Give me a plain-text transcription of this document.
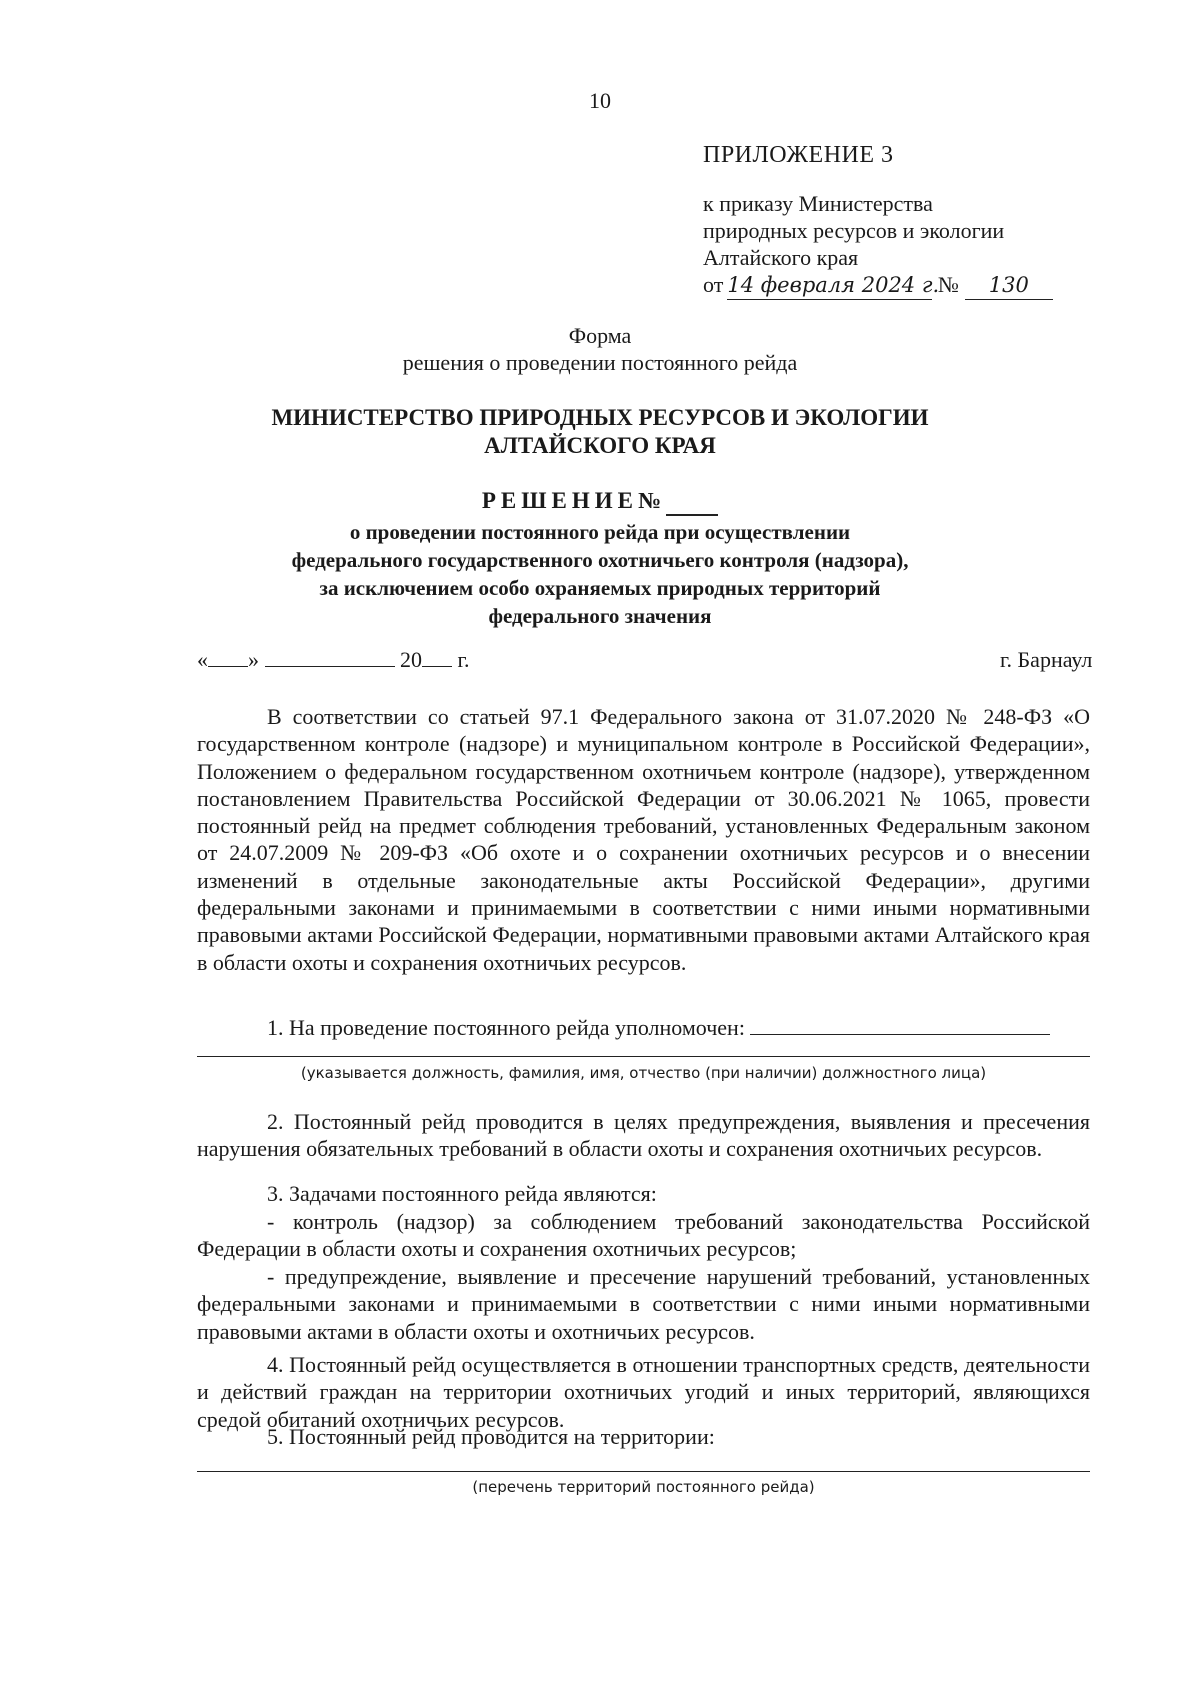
10
ПРИЛОЖЕНИЕ 3
к приказу Министерства
природных ресурсов и экологии
Алтайского края
от 14 февраля 2024 г. № 130
Форма
решения о проведении постоянного рейда
МИНИСТЕРСТВО ПРИРОДНЫХ РЕСУРСОВ И ЭКОЛОГИИ
АЛТАЙСКОГО КРАЯ
РЕШЕНИЕ№
о проведении постоянного рейда при осуществлении
федерального государственного охотничьего контроля (надзора),
за исключением особо охраняемых природных территорий
федерального значения
« »	20 г.	г. Барнаул
В соответствии со статьей 97.1 Федерального закона от 31.07.2020 № 248-ФЗ «О государственном контроле (надзоре) и муниципальном контроле в Российской Федерации», Положением о федеральном государственном охотничьем контроле (надзоре), утвержденном постановлением Правительства Российской Федерации от 30.06.2021 № 1065, провести постоянный рейд на предмет соблюдения требований, установленных Федеральным законом от 24.07.2009 № 209-ФЗ «Об охоте и о сохранении охотничьих ресурсов и о внесении изменений в отдельные законодательные акты Российской Федерации», другими федеральными законами и принимаемыми в соответствии с ними иными нормативными правовыми актами Российской Федерации, нормативными правовыми актами Алтайского края в области охоты и сохранения охотничьих ресурсов.
1. На проведение постоянного рейда уполномочен:
(указывается должность, фамилия, имя, отчество (при наличии) должностного лица)
2. Постоянный рейд проводится в целях предупреждения, выявления и пресечения нарушения обязательных требований в области охоты и сохранения охотничьих ресурсов.
3. Задачами постоянного рейда являются:
- контроль (надзор) за соблюдением требований законодательства Российской Федерации в области охоты и сохранения охотничьих ресурсов;
- предупреждение, выявление и пресечение нарушений требований, установленных федеральными законами и принимаемыми в соответствии с ними иными нормативными правовыми актами в области охоты и охотничьих ресурсов.
4. Постоянный рейд осуществляется в отношении транспортных средств, деятельности и действий граждан на территории охотничьих угодий и иных территорий, являющихся средой обитаний охотничьих ресурсов.
5. Постоянный рейд проводится на территории:
(перечень территорий постоянного рейда)
